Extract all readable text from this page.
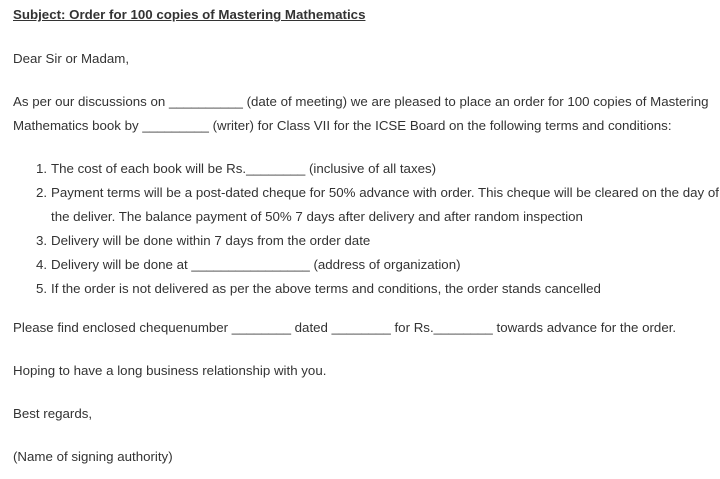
Subject: Order for 100 copies of Mastering Mathematics
Dear Sir or Madam,
As per our discussions on __________ (date of meeting) we are pleased to place an order for 100 copies of Mastering
Mathematics book by _________ (writer) for Class VII for the ICSE Board on the following terms and conditions:
1. The cost of each book will be Rs.________ (inclusive of all taxes)
2. Payment terms will be a post-dated cheque for 50% advance with order. This cheque will be cleared on the day of
the deliver. The balance payment of 50% 7 days after delivery and after random inspection
3. Delivery will be done within 7 days from the order date
4. Delivery will be done at ________________ (address of organization)
5. If the order is not delivered as per the above terms and conditions, the order stands cancelled
Please find enclosed chequenumber ________ dated ________ for Rs.________ towards advance for the order.
Hoping to have a long business relationship with you.
Best regards,
(Name of signing authority)
